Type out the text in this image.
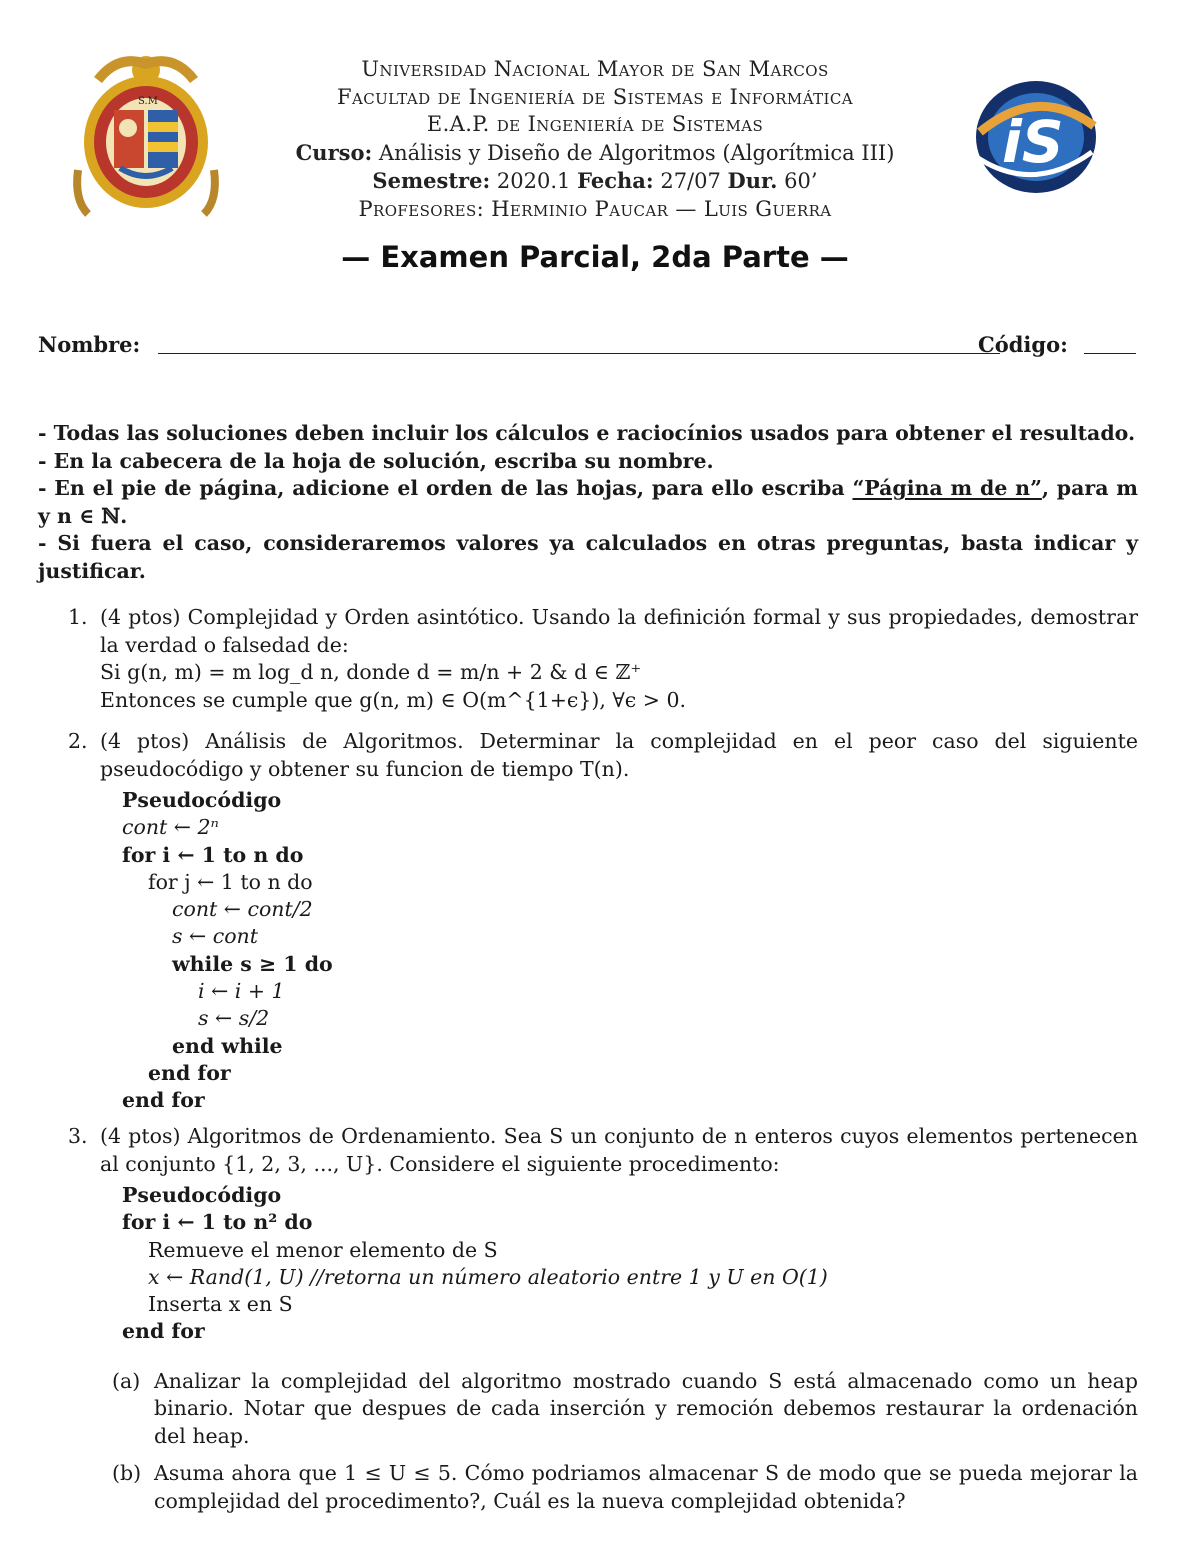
S.M
Universidad Nacional Mayor de San Marcos
Facultad de Ingeniería de Sistemas e Informática
E.A.P. de Ingeniería de Sistemas
Curso: Análisis y Diseño de Algoritmos (Algorítmica III)
Semestre: 2020.1 Fecha: 27/07 Dur. 60’
Profesores: Herminio Paucar — Luis Guerra
iS
— Examen Parcial, 2da Parte —
Nombre:	Código:

- Todas las soluciones deben incluir los cálculos e raciocínios usados para obtener el resultado.

- En la cabecera de la hoja de solución, escriba su nombre.

- En el pie de página, adicione el orden de las hojas, para ello escriba “Página m de n”, para m y n ∈ ℕ.

- Si fuera el caso, consideraremos valores ya calculados en otras preguntas, basta indicar y justificar.

1. (4 ptos) Complejidad y Orden asintótico. Usando la definición formal y sus propiedades, demostrar la verdad o falsedad de:

Si g(n, m) = m log_d n, donde d = m/n + 2 & d ∈ ℤ⁺

Entonces se cumple que g(n, m) ∈ O(m^{1+ϵ}), ∀ϵ > 0.

2. (4 ptos) Análisis de Algoritmos. Determinar la complejidad en el peor caso del siguiente pseudocódigo y obtener su funcion de tiempo T(n).

Pseudocódigo
cont ← 2ⁿ
for i ← 1 to n do
for j ← 1 to n do
cont ← cont/2
s ← cont
while s ≥ 1 do
i ← i + 1
s ← s/2
end while
end for
end for
3. (4 ptos) Algoritmos de Ordenamiento. Sea S un conjunto de n enteros cuyos elementos pertenecen al conjunto {1, 2, 3, ..., U}. Considere el siguiente procedimento:

Pseudocódigo
for i ← 1 to n² do
Remueve el menor elemento de S
x ← Rand(1, U) //retorna un número aleatorio entre 1 y U en O(1)
Inserta x en S
end for
(a) Analizar la complejidad del algoritmo mostrado cuando S está almacenado como un heap binario. Notar que despues de cada inserción y remoción debemos restaurar la ordenación del heap.
(b) Asuma ahora que 1 ≤ U ≤ 5. Cómo podriamos almacenar S de modo que se pueda mejorar la complejidad del procedimento?, Cuál es la nueva complejidad obtenida?
